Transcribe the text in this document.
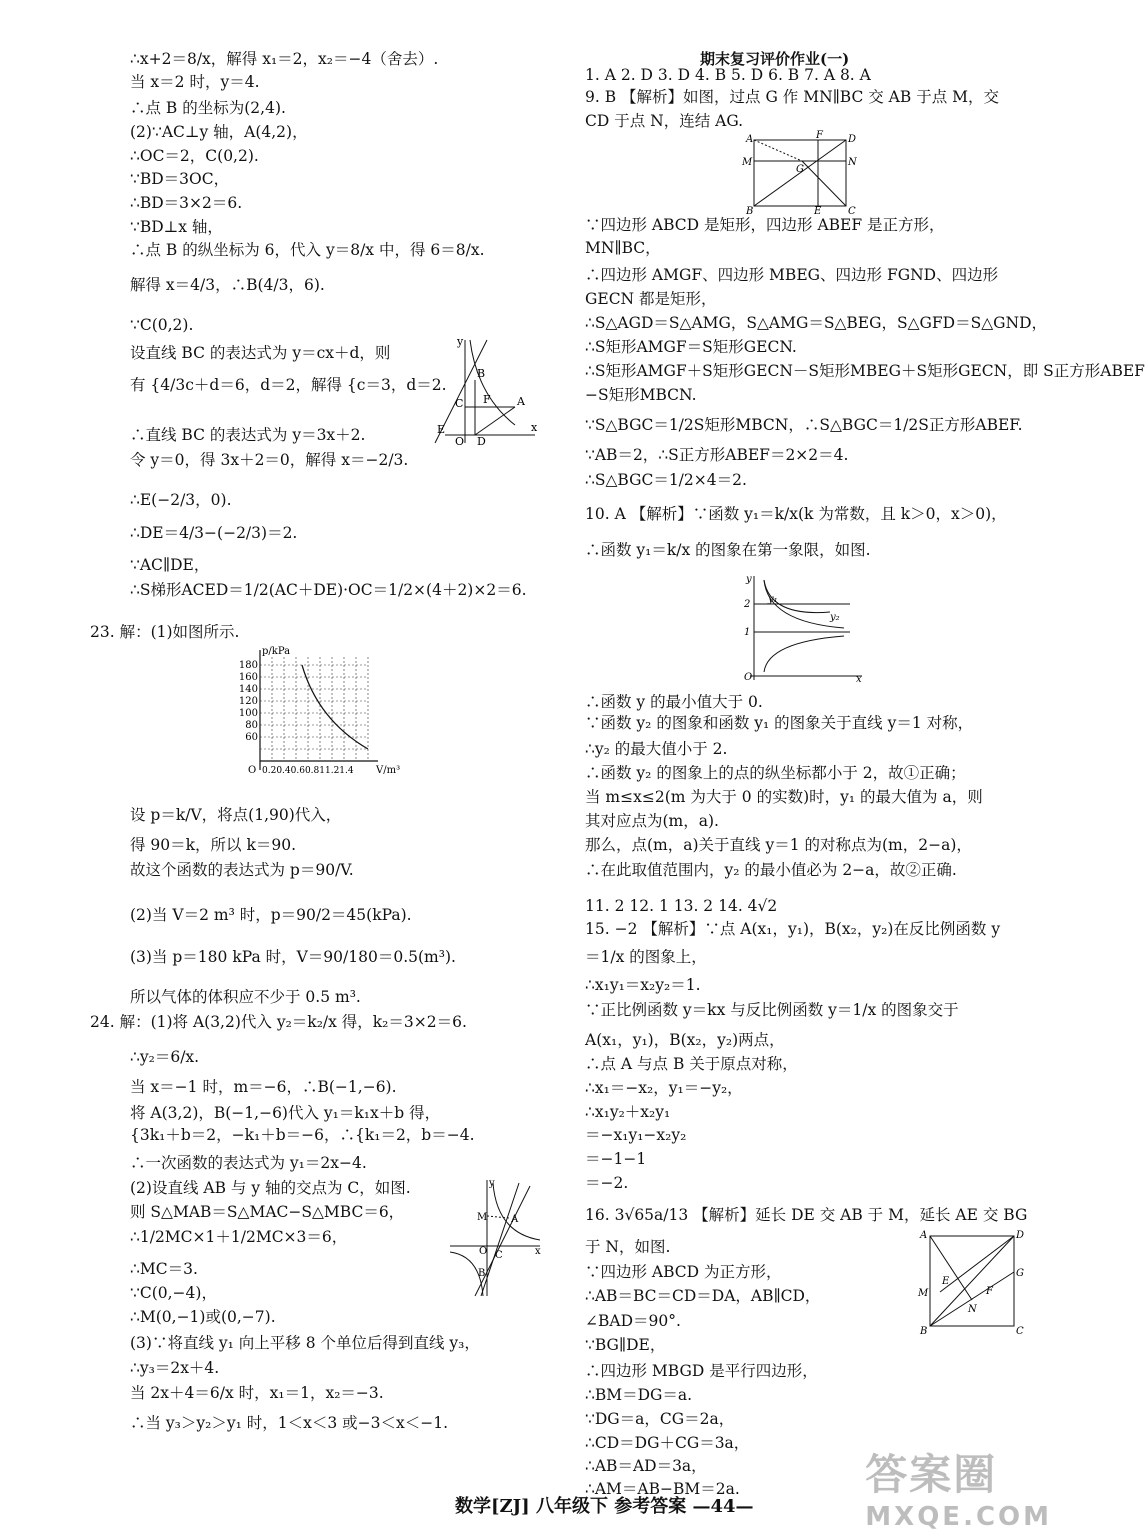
∴x+2＝8/x，解得 x₁＝2，x₂＝−4（舍去）.
当 x＝2 时，y＝4.
∴点 B 的坐标为(2,4).
(2)∵AC⊥y 轴，A(4,2)，
∴OC＝2，C(0,2).
∵BD＝3OC，
∴BD＝3×2＝6.
∵BD⊥x 轴，
∴点 B 的纵坐标为 6，代入 y＝8/x 中，得 6＝8/x.
解得 x＝4/3，∴B(4/3，6).
∵C(0,2).
设直线 BC 的表达式为 y＝cx＋d，则
有 {4/3c＋d＝6，d＝2，解得 {c＝3，d＝2.
∴直线 BC 的表达式为 y＝3x＋2.
令 y＝0，得 3x＋2＝0，解得 x＝−2/3.
∴E(−2/3，0).
∴DE＝4/3−(−2/3)＝2.
∵AC∥DE，
∴S梯形ACED＝1/2(AC＋DE)·OC＝1/2×(4＋2)×2＝6.
23. 解：(1)如图所示.
设 p＝k/V，将点(1,90)代入，
得 90＝k，所以 k＝90.
故这个函数的表达式为 p＝90/V.
(2)当 V＝2 m³ 时，p＝90/2＝45(kPa).
(3)当 p＝180 kPa 时，V＝90/180＝0.5(m³).
所以气体的体积应不少于 0.5 m³.
24. 解：(1)将 A(3,2)代入 y₂＝k₂/x 得，k₂＝3×2＝6.
∴y₂＝6/x.
当 x＝−1 时，m＝−6，∴B(−1,−6).
将 A(3,2)，B(−1,−6)代入 y₁＝k₁x＋b 得，
{3k₁＋b＝2，−k₁＋b＝−6，∴{k₁＝2，b＝−4.
∴一次函数的表达式为 y₁＝2x−4.
(2)设直线 AB 与 y 轴的交点为 C，如图.
则 S△MAB＝S△MAC−S△MBC＝6，
∴1/2MC×1＋1/2MC×3＝6，
∴MC＝3.
∵C(0,−4)，
∴M(0,−1)或(0,−7).
(3)∵将直线 y₁ 向上平移 8 个单位后得到直线 y₃，
∴y₃＝2x＋4.
当 2x＋4＝6/x 时，x₁＝1，x₂＝−3.
∴当 y₃＞y₂＞y₁ 时，1＜x＜3 或−3＜x＜−1.
期末复习评价作业(一)
1. A 2. D 3. D 4. B 5. D 6. B 7. A 8. A
9. B 【解析】如图，过点 G 作 MN∥BC 交 AB 于点 M，交
CD 于点 N，连结 AG.
∵四边形 ABCD 是矩形，四边形 ABEF 是正方形，
MN∥BC，
∴四边形 AMGF、四边形 MBEG、四边形 FGND、四边形
GECN 都是矩形，
∴S△AGD＝S△AMG，S△AMG＝S△BEG，S△GFD＝S△GND，
∴S矩形AMGF＝S矩形GECN.
∴S矩形AMGF＋S矩形GECN－S矩形MBEG＋S矩形GECN，即 S正方形ABEF
−S矩形MBCN.
∵S△BGC＝1/2S矩形MBCN，∴S△BGC＝1/2S正方形ABEF.
∵AB＝2，∴S正方形ABEF＝2×2＝4.
∴S△BGC＝1/2×4＝2.
10. A 【解析】∵函数 y₁＝k/x(k 为常数，且 k＞0，x＞0)，
∴函数 y₁＝k/x 的图象在第一象限，如图.
∴函数 y 的最小值大于 0.
∵函数 y₂ 的图象和函数 y₁ 的图象关于直线 y＝1 对称，
∴y₂ 的最大值小于 2.
∴函数 y₂ 的图象上的点的纵坐标都小于 2，故①正确；
当 m≤x≤2(m 为大于 0 的实数)时，y₁ 的最大值为 a，则
其对应点为(m，a).
那么，点(m，a)关于直线 y＝1 的对称点为(m，2−a)，
∴在此取值范围内，y₂ 的最小值必为 2−a，故②正确.
11. 2 12. 1 13. 2 14. 4√2
15. −2 【解析】∵点 A(x₁，y₁)，B(x₂，y₂)在反比例函数 y
＝1/x 的图象上，
∴x₁y₁＝x₂y₂＝1.
∵正比例函数 y＝kx 与反比例函数 y＝1/x 的图象交于
A(x₁，y₁)，B(x₂，y₂)两点，
∴点 A 与点 B 关于原点对称，
∴x₁＝−x₂，y₁＝−y₂，
∴x₁y₂＋x₂y₁
＝−x₁y₁−x₂y₂
＝−1−1
＝−2.
16. 3√65a/13 【解析】延长 DE 交 AB 于 M，延长 AE 交 BG
于 N，如图.
∵四边形 ABCD 为正方形，
∴AB＝BC＝CD＝DA，AB∥CD，
∠BAD＝90°.
∵BG∥DE，
∴四边形 MBGD 是平行四边形，
∴BM＝DG＝a.
∵DG＝a，CG＝2a，
∴CD＝DG＋CG＝3a，
∴AB＝AD＝3a，
∴AM＝AB−BM＝2a.
B
A
C F
E
O D
x
y
p/kPa
180
160
140
120
100
80
60
O 0.20.40.60.811.21.4 V/m³
y
M A
O C
B
x
A	F	D
M
G
N
B	E	C
y
2
1
O	x
y₁
y₂
A	D
E
G
M	F
N
B	C
数学[ZJ] 八年级下 参考答案 —44—
答案圈
MXQE.COM
